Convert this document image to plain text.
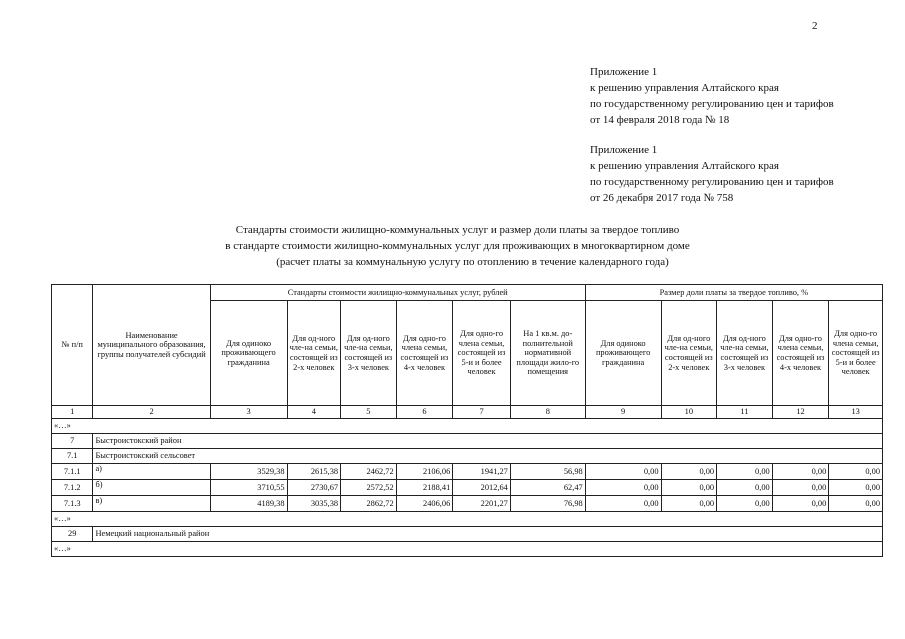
2
Приложение 1
к решению управления Алтайского края
по государственному регулированию цен и тарифов
от 14 февраля 2018 года № 18
Приложение 1
к решению управления Алтайского края
по государственному регулированию цен и тарифов
от 26 декабря 2017 года № 758
Стандарты стоимости жилищно-коммунальных услуг и размер доли платы за твердое топливо
в стандарте стоимости жилищно-коммунальных услуг для проживающих в многоквартирном доме
(расчет платы за коммунальную услугу по отоплению в течение календарного года)
№ п/п	Наименование муниципального образования, группы получателей субсидий	Стандарты стоимости жилищно-коммунальных услуг, рублей						Размер доли платы за твердое топливо, %				
		Для одиноко проживающего гражданина	Для од-ного чле-на семьи, состоящей из 2-х человек	Для од-ного чле-на семьи, состоящей из 3-х человек	Для одно-го члена семьи, состоящей из 4-х человек	Для одно-го члена семьи, состоящей из 5-и и более человек	На 1 кв.м. до-полнительной нормативной площади жило-го помещения	Для одиноко проживающего гражданина	Для од-ного чле-на семьи, состоящей из 2-х человек	Для од-ного чле-на семьи, состоящей из 3-х человек	Для одно-го члена семьи, состоящей из 4-х человек	Для одно-го члена семьи, состоящей из 5-и и более человек
1	2	3	4	5	6	7	8	9	10	11	12	13
«…»												
7	Быстроистокский район											
7.1	Быстроистокский сельсовет											
7.1.1	а)	3529,38	2615,38	2462,72	2106,06	1941,27	56,98	0,00	0,00	0,00	0,00	0,00
7.1.2	б)	3710,55	2730,67	2572,52	2188,41	2012,64	62,47	0,00	0,00	0,00	0,00	0,00
7.1.3	в)	4189,38	3035,38	2862,72	2406,06	2201,27	76,98	0,00	0,00	0,00	0,00	0,00
«…»												
29	Немецкий национальный район											
«…»												
